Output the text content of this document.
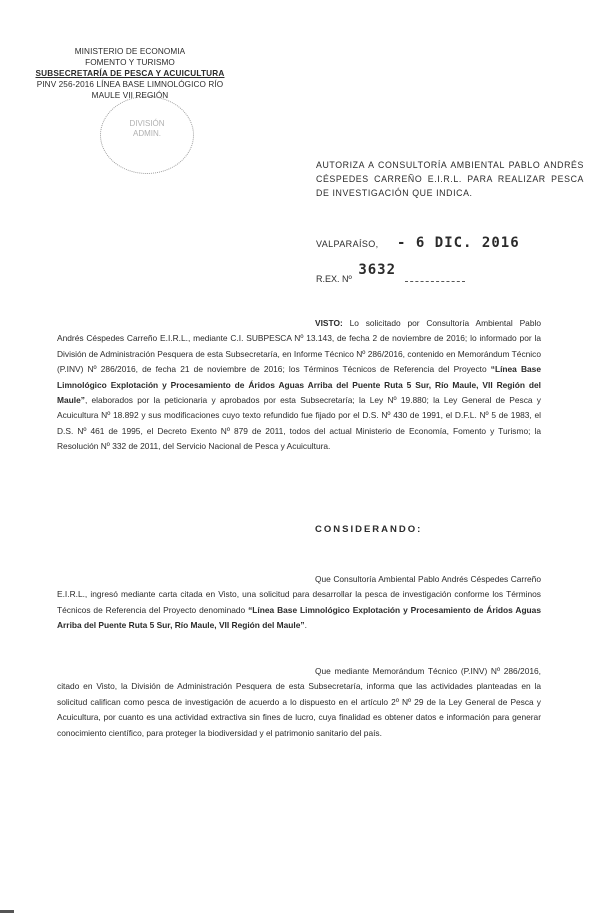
MINISTERIO DE ECONOMIA
FOMENTO Y TURISMO
SUBSECRETARÍA DE PESCA Y ACUICULTURA
PINV 256-2016 LÍNEA BASE LIMNOLÓGICO RÍO
MAULE VII REGIÓN
DIVISIÓN
ADMIN.
AUTORIZA A CONSULTORÍA AMBIENTAL PABLO ANDRÉS CÉSPEDES CARREÑO E.I.R.L. PARA REALIZAR PESCA DE INVESTIGACIÓN QUE INDICA.
VALPARAÍSO, - 6 DIC. 2016
R.EX. Nº 3632
VISTO: Lo solicitado por Consultoría Ambiental Pablo Andrés Céspedes Carreño E.I.R.L., mediante C.I. SUBPESCA Nº 13.143, de fecha 2 de noviembre de 2016; lo informado por la División de Administración Pesquera de esta Subsecretaría, en Informe Técnico Nº 286/2016, contenido en Memorándum Técnico (P.INV) Nº 286/2016, de fecha 21 de noviembre de 2016; los Términos Técnicos de Referencia del Proyecto “Línea Base Limnológico Explotación y Procesamiento de Áridos Aguas Arriba del Puente Ruta 5 Sur, Río Maule, VII Región del Maule”, elaborados por la peticionaria y aprobados por esta Subsecretaría; la Ley Nº 19.880; la Ley General de Pesca y Acuicultura Nº 18.892 y sus modificaciones cuyo texto refundido fue fijado por el D.S. Nº 430 de 1991, el D.F.L. Nº 5 de 1983, el D.S. Nº 461 de 1995, el Decreto Exento Nº 879 de 2011, todos del actual Ministerio de Economía, Fomento y Turismo; la Resolución Nº 332 de 2011, del Servicio Nacional de Pesca y Acuicultura.
CONSIDERANDO:
Que Consultoría Ambiental Pablo Andrés Céspedes Carreño E.I.R.L., ingresó mediante carta citada en Visto, una solicitud para desarrollar la pesca de investigación conforme los Términos Técnicos de Referencia del Proyecto denominado “Línea Base Limnológico Explotación y Procesamiento de Áridos Aguas Arriba del Puente Ruta 5 Sur, Río Maule, VII Región del Maule”.
Que mediante Memorándum Técnico (P.INV) Nº 286/2016, citado en Visto, la División de Administración Pesquera de esta Subsecretaría, informa que las actividades planteadas en la solicitud califican como pesca de investigación de acuerdo a lo dispuesto en el artículo 2º Nº 29 de la Ley General de Pesca y Acuicultura, por cuanto es una actividad extractiva sin fines de lucro, cuya finalidad es obtener datos e información para generar conocimiento científico, para proteger la biodiversidad y el patrimonio sanitario del país.
